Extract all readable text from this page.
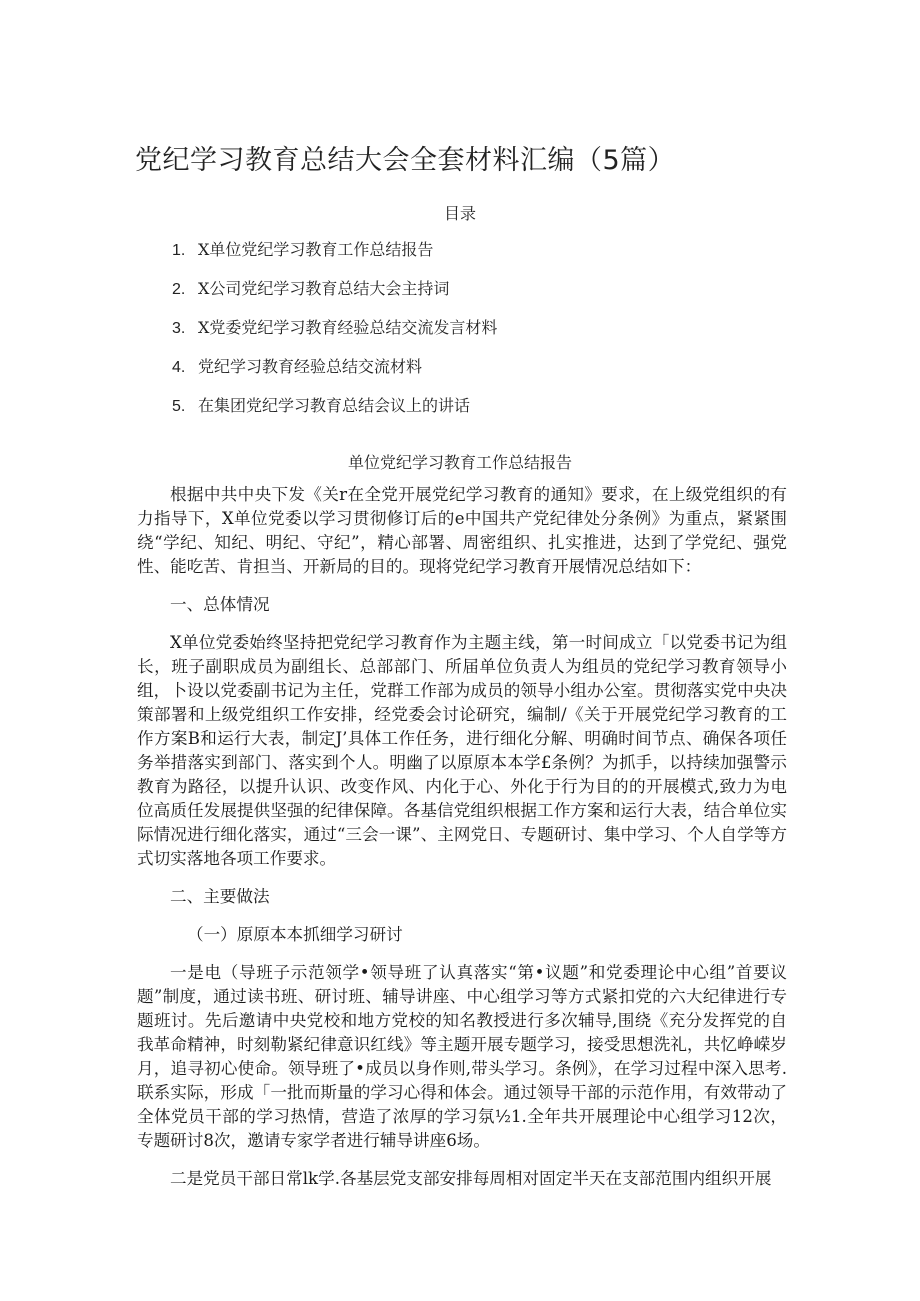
党纪学习教育总结大会全套材料汇编（5篇）
目录
1. X单位党纪学习教育工作总结报告
2. X公司党纪学习教育总结大会主持词
3. X党委党纪学习教育经验总结交流发言材料
4. 党纪学习教育经验总结交流材料
5. 在集团党纪学习教育总结会议上的讲话
单位党纪学习教育工作总结报告

根据中共中央下发《关r在全党开展党纪学习教育的通知》要求，在上级党组织的有力指导下，X单位党委以学习贯彻修订后的e中国共产党纪律处分条例》为重点，紧紧围绕“学纪、知纪、明纪、守纪”，精心部署、周密组织、扎实推进，达到了学党纪、强党性、能吃苦、肯担当、开新局的目的。现将党纪学习教育开展情况总结如下：

一、总体情况

X单位党委始终坚持把党纪学习教育作为主题主线，第一时间成立「以党委书记为组长，班子副职成员为副组长、总部部门、所届单位负责人为组员的党纪学习教育领导小组，卜设以党委副书记为主任，党群工作部为成员的领导小组办公室。贯彻落实党中央决策部署和上级党组织工作安排，经党委会讨论研究，编制/《关于开展党纪学习教育的工作方案B和运行大表，制定J’具体工作任务，进行细化分解、明确时间节点、确保各项任务举措落实到部门、落实到个人。明幽了以原原本本学£条例？为抓手，以持续加强警示教育为路径，以提升认识、改变作风、内化于心、外化于行为目的的开展模式,致力为电位高质任发展提供坚强的纪律保障。各基信党组织根据工作方案和运行大表，结合单位实际情况进行细化落实，通过“三会一课”、主网党日、专题研讨、集中学习、个人自学等方式切实落地各项工作要求。

二、主要做法

（一）原原本本抓细学习研讨

一是电（导班子示范领学•领导班了认真落实“第•议题”和党委理论中心组”首要议题”制度，通过读书班、研讨班、辅导讲座、中心组学习等方式紧扣党的六大纪律进行专题班讨。先后邀请中央党校和地方党校的知名教授进行多次辅导,围绕《充分发挥党的自我革命精神，时刻勒紧纪律意识红线》等主题开展专题学习，接受思想洗礼，共忆峥嵘岁月，追寻初心使命。领导班了•成员以身作则,带头学习。条例》，在学习过程中深入思考.联系实际，形成「一批而斯量的学习心得和体会。通过领导干部的示范作用，有效带动了全体党员干部的学习热情，营造了浓厚的学习氛½1.全年共开展理论中心组学习12次，专题研讨8次，邀请专家学者进行辅导讲座6场。

二是党员干部日常lk学.各基层党支部安排每周相对固定半天在支部范围内组织开展
